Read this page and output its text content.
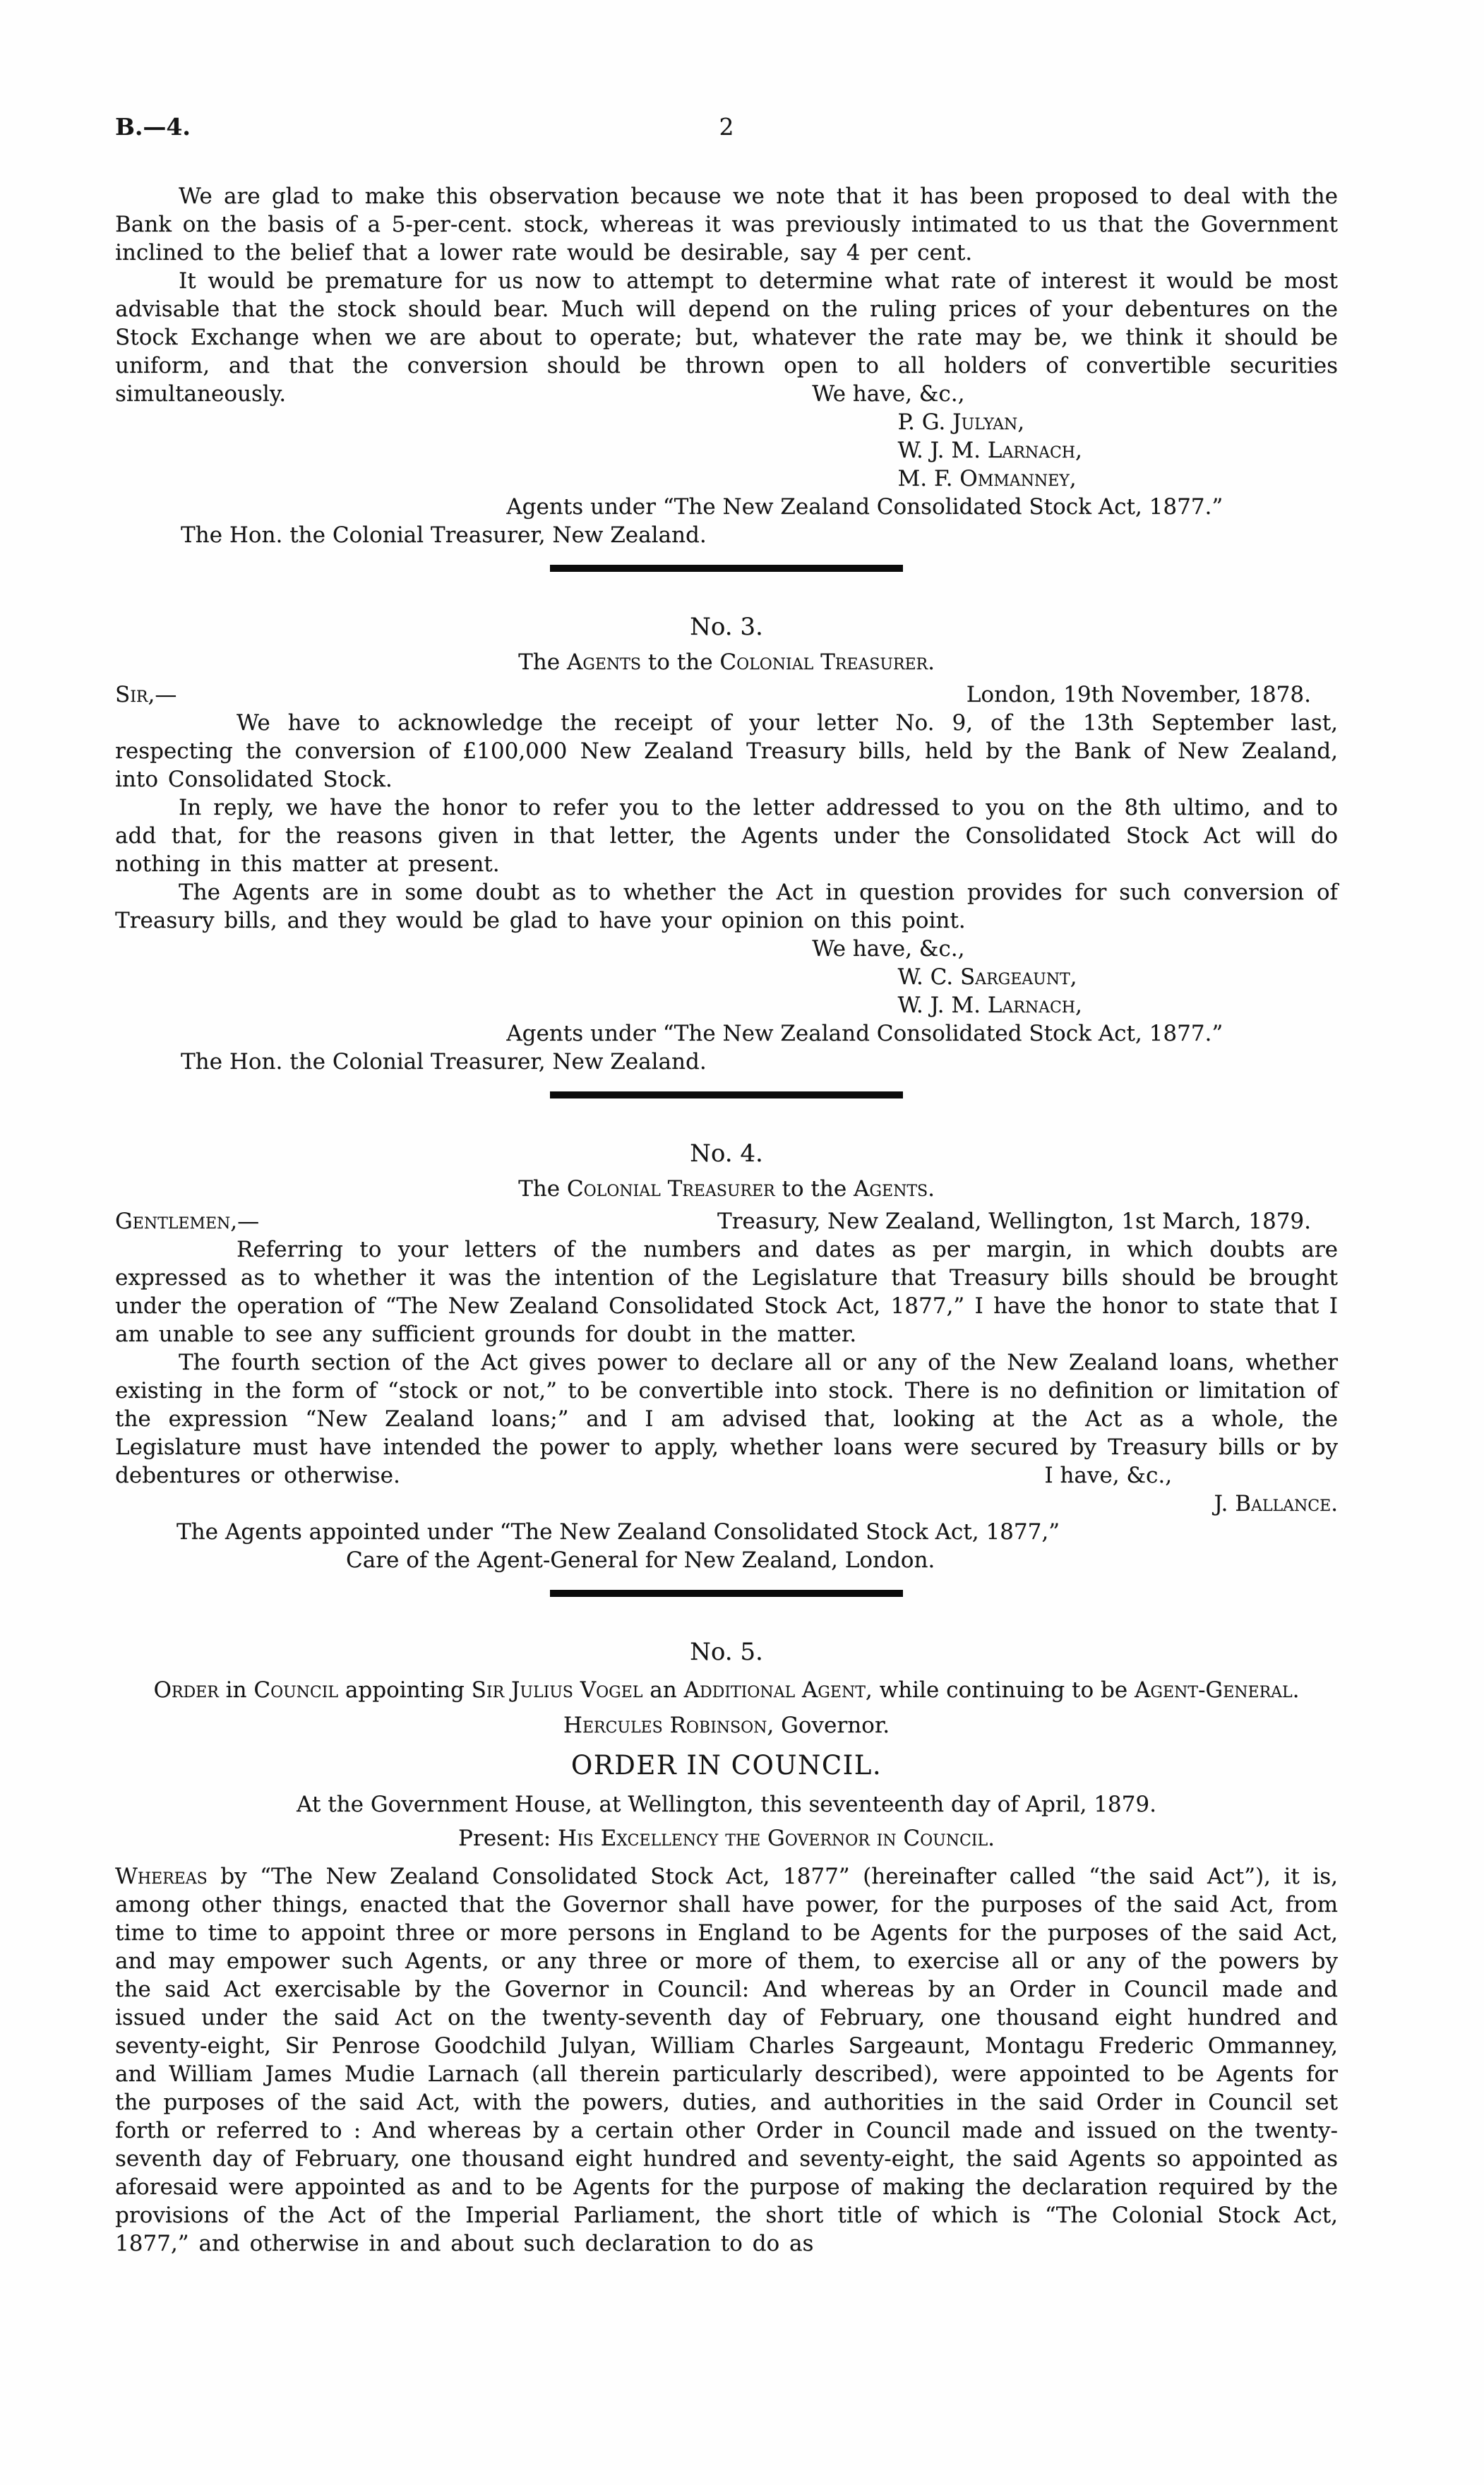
B.—4.	2

We are glad to make this observation because we note that it has been proposed to deal with the Bank on the basis of a 5-per-cent. stock, whereas it was previously intimated to us that the Government inclined to the belief that a lower rate would be desirable, say 4 per cent.

It would be premature for us now to attempt to determine what rate of interest it would be most advisable that the stock should bear. Much will depend on the ruling prices of your debentures on the Stock Exchange when we are about to operate; but, whatever the rate may be, we think it should be uniform, and that the conversion should be thrown open to all holders of convertible securities simultaneously.	We have, &c.,
P. G. Julyan,
W. J. M. Larnach,
M. F. Ommanney,
Agents under “The New Zealand Consolidated Stock Act, 1877.”
The Hon. the Colonial Treasurer, New Zealand.
No. 3.
The Agents to the Colonial Treasurer.
Sir,—	London, 19th November, 1878.

We have to acknowledge the receipt of your letter No. 9, of the 13th September last, respecting the conversion of £100,000 New Zealand Treasury bills, held by the Bank of New Zealand, into Consolidated Stock.

In reply, we have the honor to refer you to the letter addressed to you on the 8th ultimo, and to add that, for the reasons given in that letter, the Agents under the Consolidated Stock Act will do nothing in this matter at present.

The Agents are in some doubt as to whether the Act in question provides for such conversion of Treasury bills, and they would be glad to have your opinion on this point.

We have, &c.,
W. C. Sargeaunt,
W. J. M. Larnach,
Agents under “The New Zealand Consolidated Stock Act, 1877.”
The Hon. the Colonial Treasurer, New Zealand.
No. 4.
The Colonial Treasurer to the Agents.
Gentlemen,—	Treasury, New Zealand, Wellington, 1st March, 1879.

Referring to your letters of the numbers and dates as per margin, in which doubts are expressed as to whether it was the intention of the Legislature that Treasury bills should be brought under the operation of “The New Zealand Consolidated Stock Act, 1877,” I have the honor to state that I am unable to see any sufficient grounds for doubt in the matter.

The fourth section of the Act gives power to declare all or any of the New Zealand loans, whether existing in the form of “stock or not,” to be convertible into stock. There is no definition or limitation of the expression “New Zealand loans;” and I am advised that, looking at the Act as a whole, the Legislature must have intended the power to apply, whether loans were secured by Treasury bills or by debentures or otherwise.	I have, &c.,
J. Ballance.
The Agents appointed under “The New Zealand Consolidated Stock Act, 1877,”
Care of the Agent-General for New Zealand, London.
No. 5.
Order in Council appointing Sir Julius Vogel an Additional Agent, while continuing to be Agent-General.
Hercules Robinson, Governor.
ORDER IN COUNCIL.
At the Government House, at Wellington, this seventeenth day of April, 1879.
Present: His Excellency the Governor in Council.

Whereas by “The New Zealand Consolidated Stock Act, 1877” (hereinafter called “the said Act”), it is, among other things, enacted that the Governor shall have power, for the purposes of the said Act, from time to time to appoint three or more persons in England to be Agents for the purposes of the said Act, and may empower such Agents, or any three or more of them, to exercise all or any of the powers by the said Act exercisable by the Governor in Council: And whereas by an Order in Council made and issued under the said Act on the twenty-seventh day of February, one thousand eight hundred and seventy-eight, Sir Penrose Goodchild Julyan, William Charles Sargeaunt, Montagu Frederic Ommanney, and William James Mudie Larnach (all therein particularly described), were appointed to be Agents for the purposes of the said Act, with the powers, duties, and authorities in the said Order in Council set forth or referred to : And whereas by a certain other Order in Council made and issued on the twenty-seventh day of February, one thousand eight hundred and seventy-eight, the said Agents so appointed as aforesaid were appointed as and to be Agents for the purpose of making the declaration required by the provisions of the Act of the Imperial Parliament, the short title of which is “The Colonial Stock Act, 1877,” and otherwise in and about such declaration to do as
